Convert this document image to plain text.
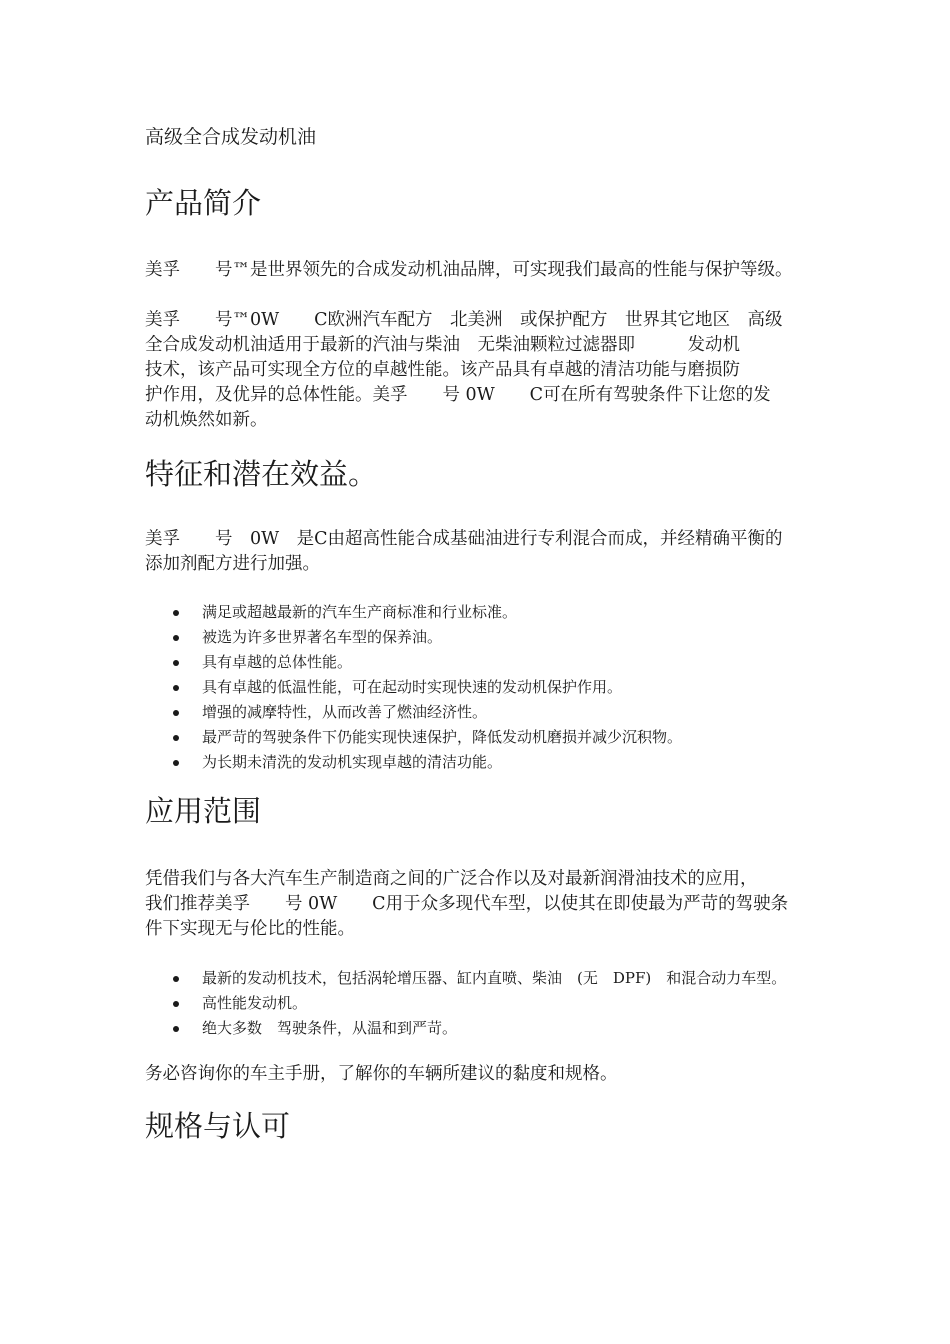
高级全合成发动机油
产品简介

美孚　　号™是世界领先的合成发动机油品牌，可实现我们最高的性能与保护等级。

美孚　　号™0W　　C欧洲汽车配方　北美洲　或保护配方　世界其它地区　高级
全合成发动机油适用于最新的汽油与柴油　无柴油颗粒过滤器即　　　发动机
技术，该产品可实现全方位的卓越性能。该产品具有卓越的清洁功能与磨损防
护作用，及优异的总体性能。美孚　　号 0W　　C可在所有驾驶条件下让您的发
动机焕然如新。

特征和潜在效益。

美孚　　号　0W　是C由超高性能合成基础油进行专利混合而成，并经精确平衡的
添加剂配方进行加强。

满足或超越最新的汽车生产商标准和行业标准。
被选为许多世界著名车型的保养油。
具有卓越的总体性能。
具有卓越的低温性能，可在起动时实现快速的发动机保护作用。
增强的减摩特性，从而改善了燃油经济性。
最严苛的驾驶条件下仍能实现快速保护，降低发动机磨损并减少沉积物。
为长期未清洗的发动机实现卓越的清洁功能。
应用范围

凭借我们与各大汽车生产制造商之间的广泛合作以及对最新润滑油技术的应用，
我们推荐美孚　　号 0W　　C用于众多现代车型，以使其在即使最为严苛的驾驶条
件下实现无与伦比的性能。

最新的发动机技术，包括涡轮增压器、缸内直喷、柴油　(无　DPF)　和混合动力车型。
高性能发动机。
绝大多数　驾驶条件，从温和到严苛。

务必咨询你的车主手册，了解你的车辆所建议的黏度和规格。

规格与认可
